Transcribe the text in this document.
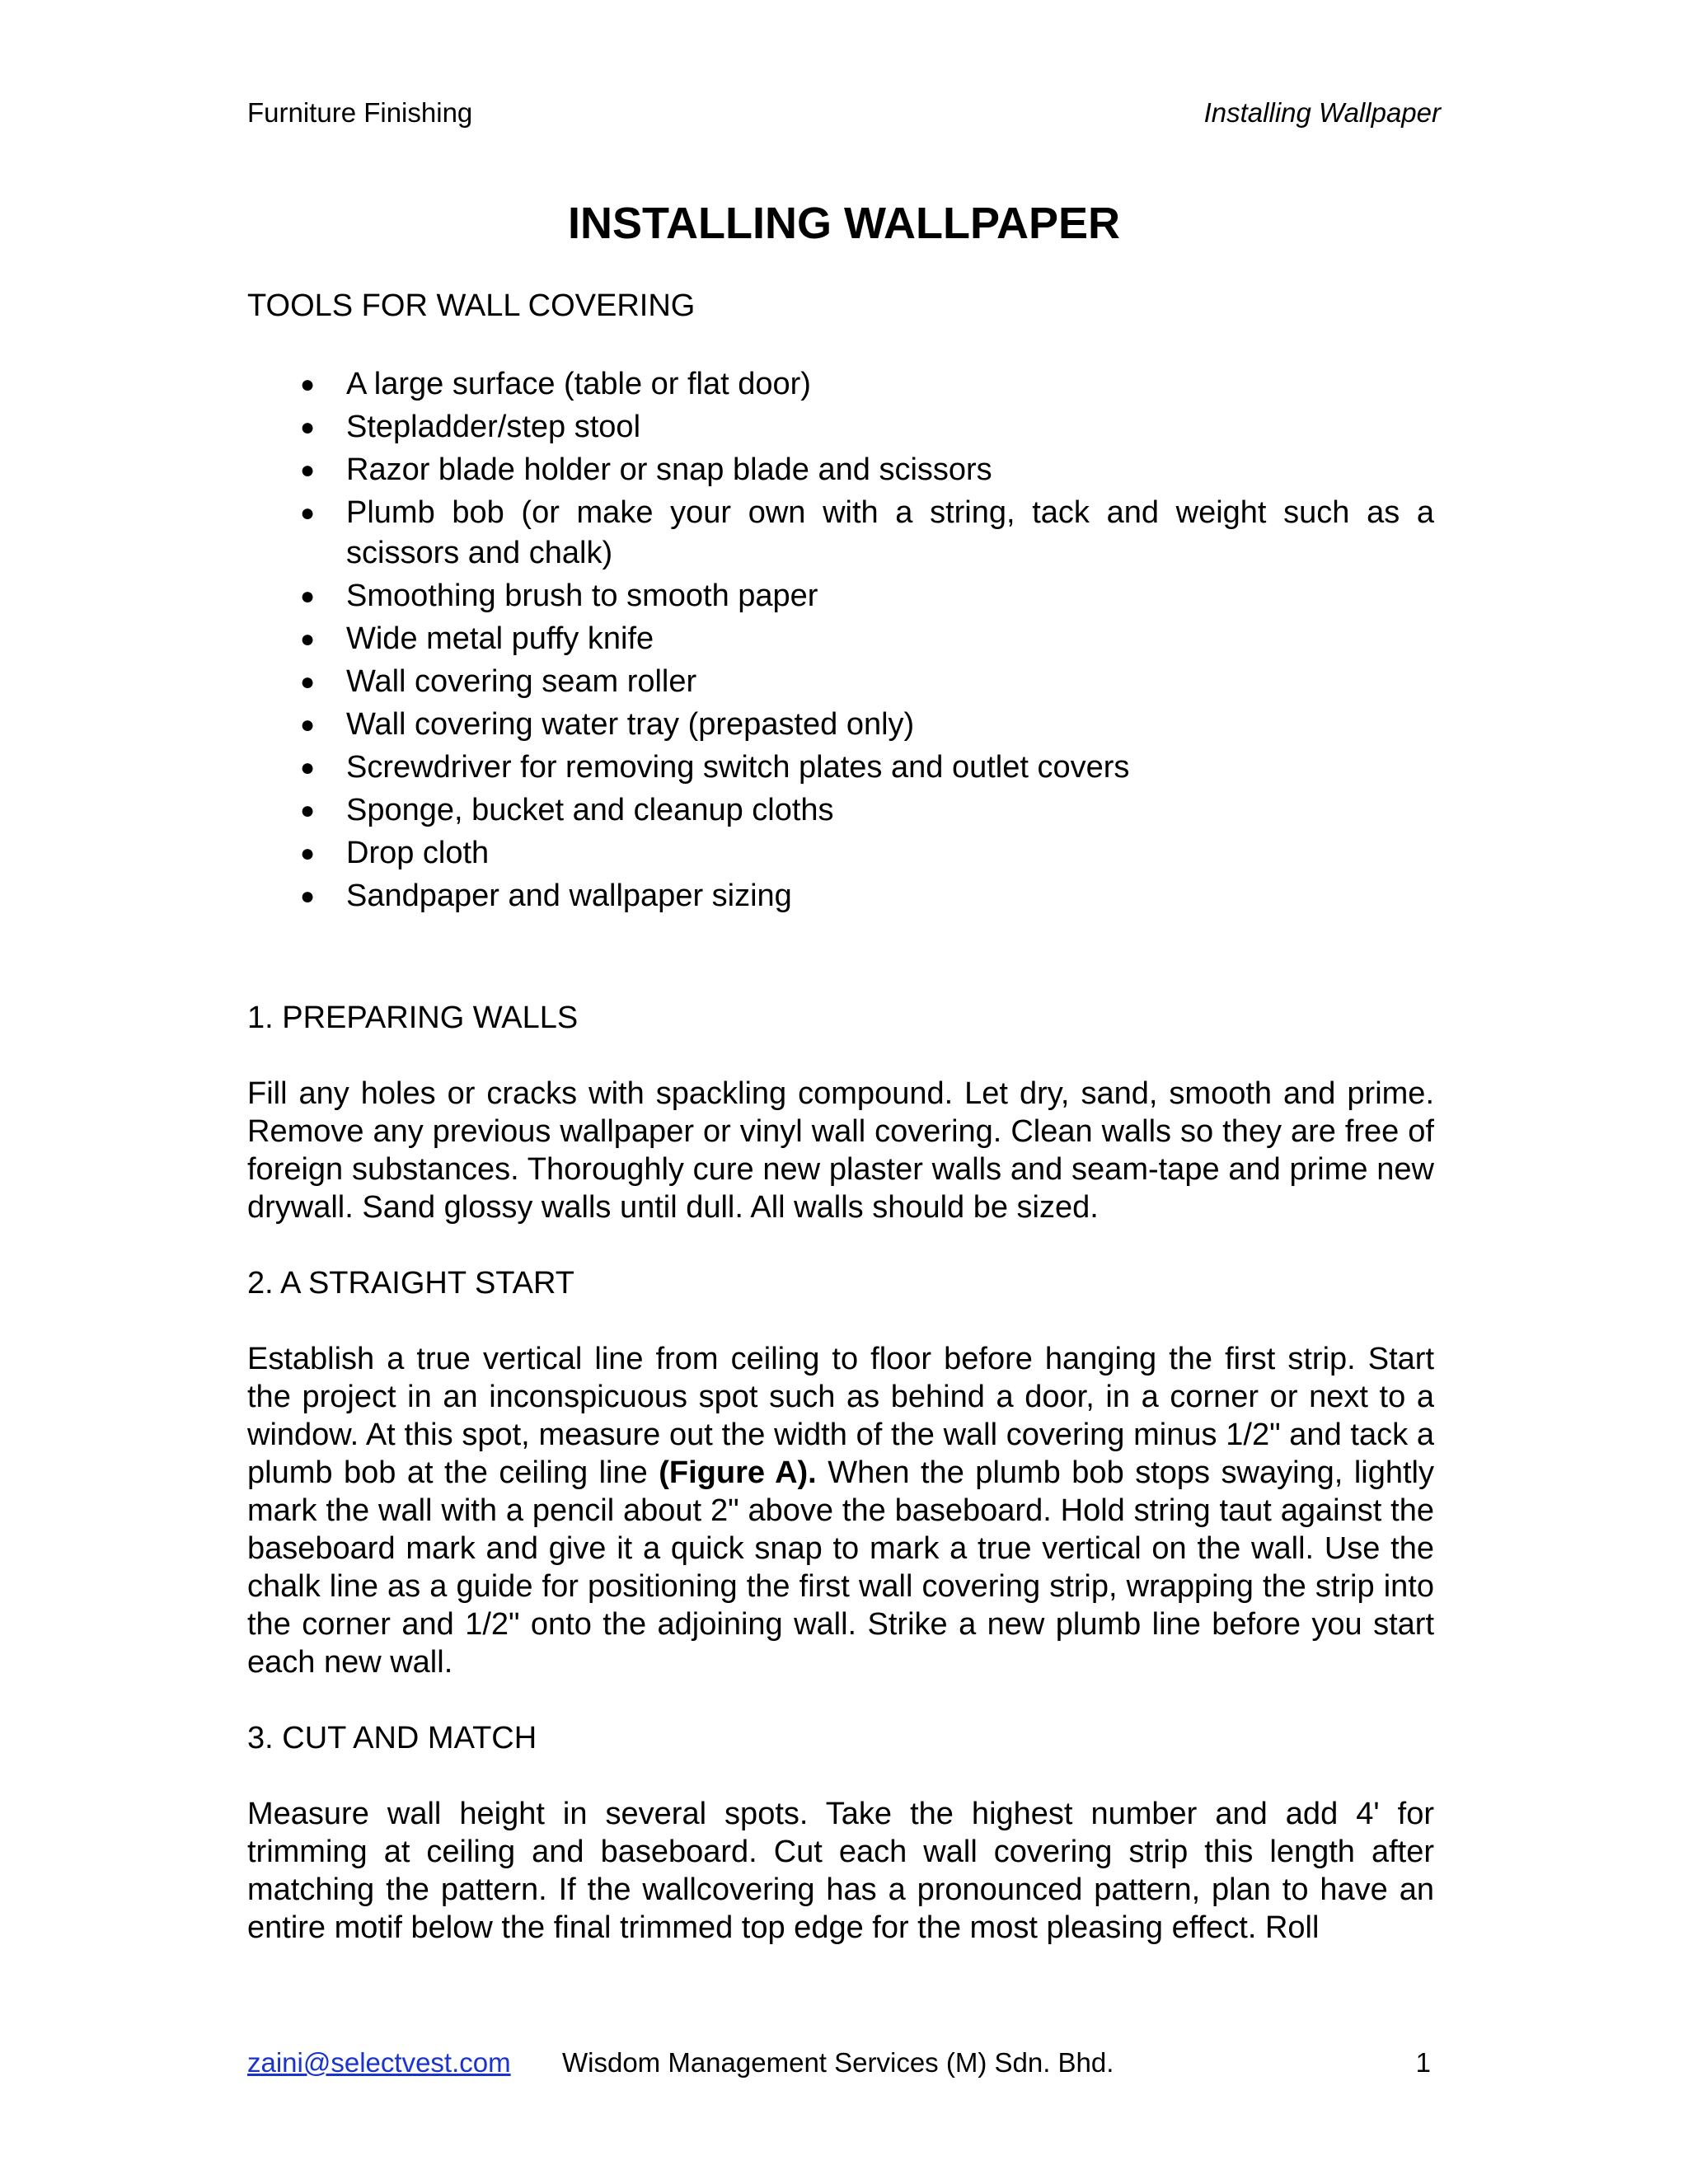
Furniture Finishing	Installing Wallpaper
INSTALLING WALLPAPER

TOOLS FOR WALL COVERING

● A large surface (table or flat door)
● Stepladder/step stool
● Razor blade holder or snap blade and scissors
● Plumb bob (or make your own with a string, tack and weight such as a scissors and chalk)
● Smoothing brush to smooth paper
● Wide metal puffy knife
● Wall covering seam roller
● Wall covering water tray (prepasted only)
● Screwdriver for removing switch plates and outlet covers
● Sponge, bucket and cleanup cloths
● Drop cloth
● Sandpaper and wallpaper sizing

1. PREPARING WALLS

Fill any holes or cracks with spackling compound. Let dry, sand, smooth and prime. Remove any previous wallpaper or vinyl wall covering. Clean walls so they are free of foreign substances. Thoroughly cure new plaster walls and seam-tape and prime new drywall. Sand glossy walls until dull. All walls should be sized.

2. A STRAIGHT START

Establish a true vertical line from ceiling to floor before hanging the first strip. Start the project in an inconspicuous spot such as behind a door, in a corner or next to a window. At this spot, measure out the width of the wall covering minus 1/2" and tack a plumb bob at the ceiling line (Figure A). When the plumb bob stops swaying, lightly mark the wall with a pencil about 2" above the baseboard. Hold string taut against the baseboard mark and give it a quick snap to mark a true vertical on the wall. Use the chalk line as a guide for positioning the first wall covering strip, wrapping the strip into the corner and 1/2" onto the adjoining wall. Strike a new plumb line before you start each new wall.

3. CUT AND MATCH

Measure wall height in several spots. Take the highest number and add 4' for trimming at ceiling and baseboard. Cut each wall covering strip this length after matching the pattern. If the wallcovering has a pronounced pattern, plan to have an entire motif below the final trimmed top edge for the most pleasing effect. Roll

zaini@selectvest.com Wisdom Management Services (M) Sdn. Bhd.	1
